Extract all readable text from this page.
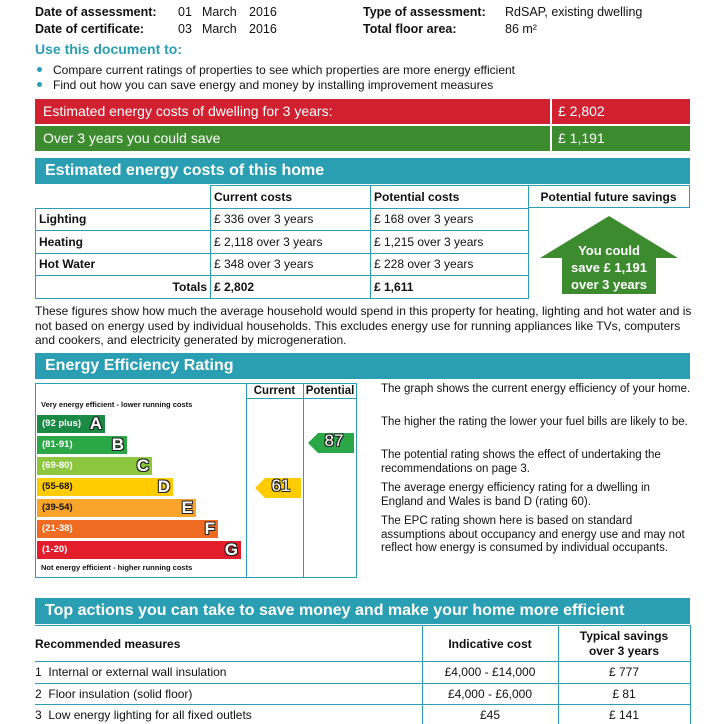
Date of assessment: 01 March 2016
Date of certificate:	03 March 2016
Type of assessment: RdSAP, existing dwelling
Total floor area:	86 m²
Use this document to:
Compare current ratings of properties to see which properties are more energy efficient
Find out how you can save energy and money by installing improvement measures
Estimated energy costs of dwelling for 3 years:	£ 2,802
Over 3 years you could save	£ 1,191
Estimated energy costs of this home
	Current costs	Potential costs
Lighting	£ 336 over 3 years	£ 168 over 3 years
Heating	£ 2,118 over 3 years	£ 1,215 over 3 years
Hot Water	£ 348 over 3 years	£ 228 over 3 years
Totals	£ 2,802	£ 1,611
Potential future savings
You could
save £ 1,191
over 3 years
These figures show how much the average household would spend in this property for heating, lighting and hot water and is not based on energy used by individual households. This excludes energy use for running appliances like TVs, computers and cookers, and electricity generated by microgeneration.
Energy Efficiency Rating
Current Potential
Very energy efficient - lower running costs
Not energy efficient - higher running costs
(92 plus) A
(81-91) B
(69-80)	C
(55-68)	D
(39-54)	E
(21-38)	F
(1-20)	G
61
87

The graph shows the current energy efficiency of your home.

The higher the rating the lower your fuel bills are likely to be.

The potential rating shows the effect of undertaking the recommendations on page 3.

The average energy efficiency rating for a dwelling in England and Wales is band D (rating 60).

The EPC rating shown here is based on standard assumptions about occupancy and energy use and may not reflect how energy is consumed by individual occupants.

Top actions you can take to save money and make your home more efficient
Recommended measures	Indicative cost	Typical savings
over 3 years

1 Internal or external wall insulation	£4,000 - £14,000	£ 777
2 Floor insulation (solid floor)	£4,000 - £6,000	£ 81
3 Low energy lighting for all fixed outlets	£45	£ 141
